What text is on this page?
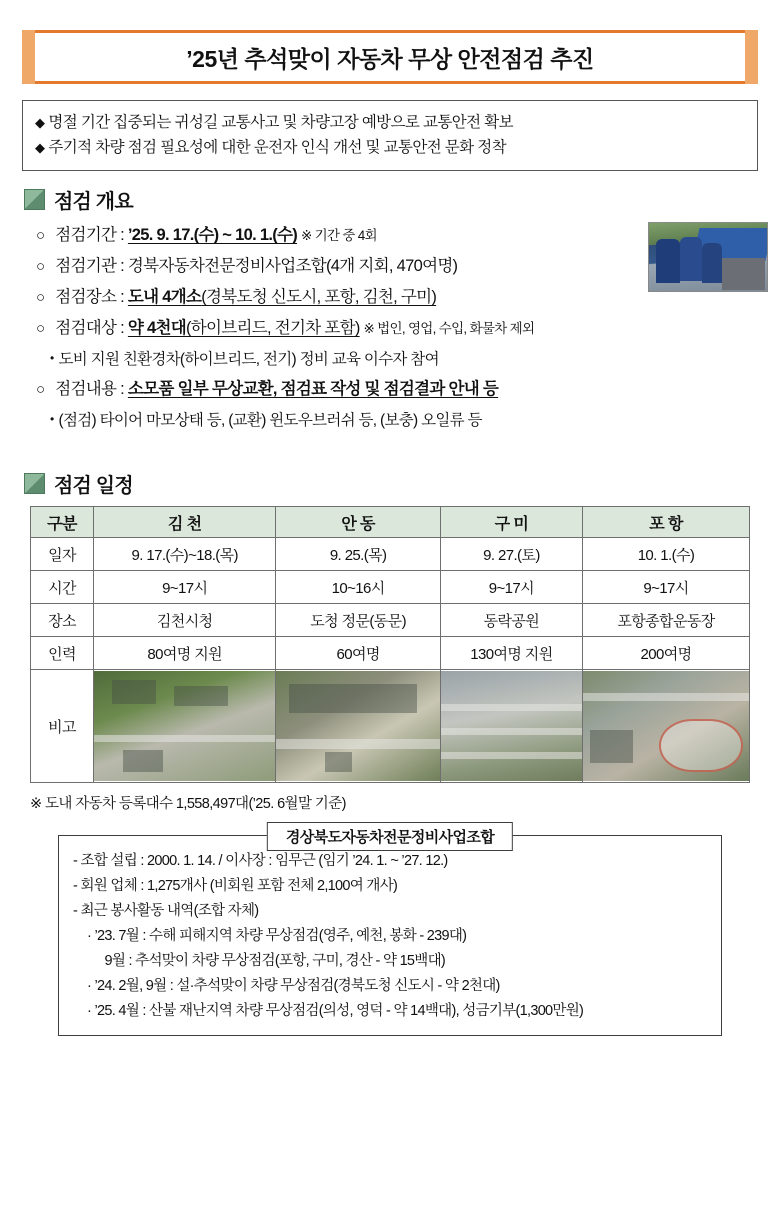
’25년 추석맞이 자동차 무상 안전점검 추진
◆ 명절 기간 집중되는 귀성길 교통사고 및 차량고장 예방으로 교통안전 확보
◆ 주기적 차량 점검 필요성에 대한 운전자 인식 개선 및 교통안전 문화 정착
점검 개요
○ 점검기간 : ’25. 9. 17.(수) ~ 10. 1.(수) ※ 기간 중 4회
○ 점검기관 : 경북자동차전문정비사업조합(4개 지회, 470여명)
○ 점검장소 : 도내 4개소(경북도청 신도시, 포항, 김천, 구미)
○ 점검대상 : 약 4천대(하이브리드, 전기차 포함) ※ 법인, 영업, 수입, 화물차 제외
• 도비 지원 친환경차(하이브리드, 전기) 정비 교육 이수자 참여
○ 점검내용 : 소모품 일부 무상교환, 점검표 작성 및 점검결과 안내 등
• (점검) 타이어 마모상태 등, (교환) 윈도우브러쉬 등, (보충) 오일류 등
점검 일정
구분	김 천	안 동	구 미	포 항
일자	9. 17.(수)~18.(목)	9. 25.(목)	9. 27.(토)	10. 1.(수)
시간	9~17시	10~16시	9~17시	9~17시
장소	김천시청	도청 정문(동문)	동락공원	포항종합운동장
인력	80여명 지원	60여명	130여명 지원	200여명
비고	

※ 도내 자동차 등록대수 1,558,497대(’25. 6월말 기준)
경상북도자동차전문정비사업조합
- 조합 설립 : 2000. 1. 14. / 이사장 : 임무근 (임기 ’24. 1. ~ ’27. 12.)
- 회원 업체 : 1,275개사 (비회원 포함 전체 2,100여 개사)
- 최근 봉사활동 내역(조합 자체)
· ’23. 7월 : 수해 피해지역 차량 무상점검(영주, 예천, 봉화 - 239대)
9월 : 추석맞이 차량 무상점검(포항, 구미, 경산 - 약 15백대)
· ’24. 2월, 9월 : 설·추석맞이 차량 무상점검(경북도청 신도시 - 약 2천대)
· ’25. 4월 : 산불 재난지역 차량 무상점검(의성, 영덕 - 약 14백대), 성금기부(1,300만원)
